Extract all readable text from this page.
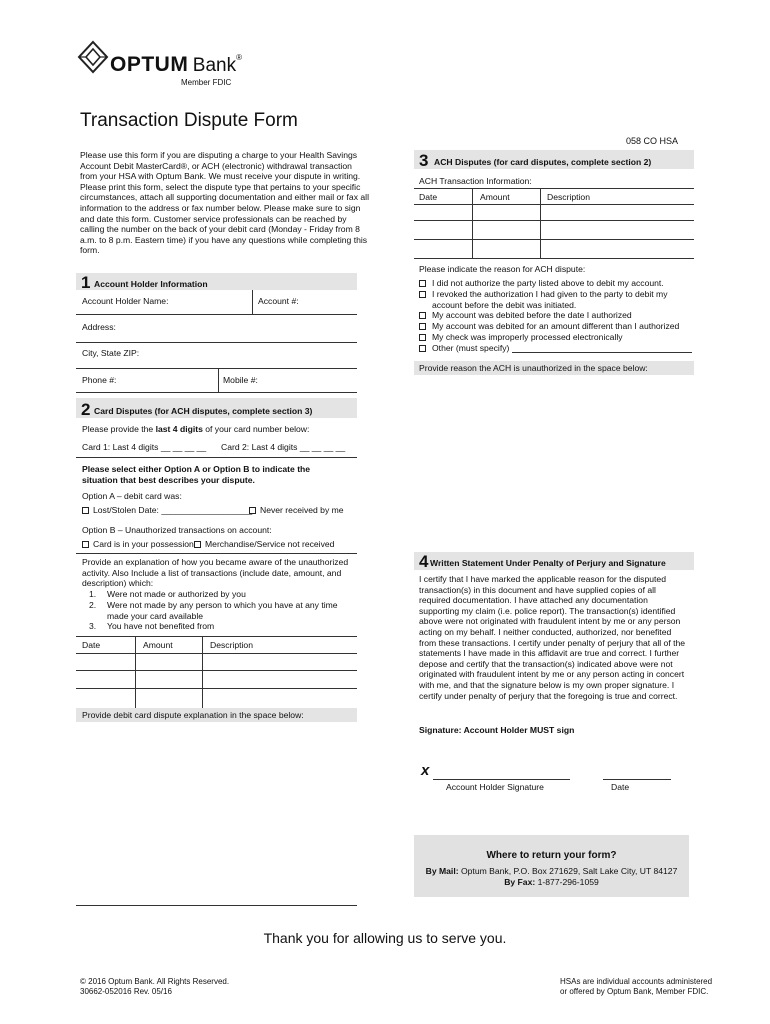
OPTUM Bank®
Member FDIC
Transaction Dispute Form
058 CO HSA
Please use this form if you are disputing a charge to your Health Savings Account Debit MasterCard®, or ACH (electronic) withdrawal transaction from your HSA with Optum Bank. We must receive your dispute in writing. Please print this form, select the dispute type that pertains to your specific circumstances, attach all supporting documentation and either mail or fax all information to the address or fax number below. Please make sure to sign and date this form. Customer service professionals can be reached by calling the number on the back of your debit card (Monday - Friday from 8 a.m. to 8 p.m. Eastern time) if you have any questions while completing this form.
1 Account Holder Information
Account Holder Name:	Account #:
Address:
City, State ZIP:
Phone #:	Mobile #:
2 Card Disputes (for ACH disputes, complete section 3)
Please provide the last 4 digits of your card number below:
Card 1: Last 4 digits __ __ __ __ Card 2: Last 4 digits __ __ __ __
Please select either Option A or Option B to indicate the situation that best describes your dispute.
Option A – debit card was:
Lost/Stolen Date: ___________________ Never received by me
Option B – Unauthorized transactions on account:
Card is in your possession	Merchandise/Service not received
Provide an explanation of how you became aware of the unauthorized activity. Also Include a list of transactions (include date, amount, and description) which:
1.	Were not made or authorized by you
2.	Were not made by any person to which you have at any time made your card available
3.	You have not benefited from
Date	Amount	Description
Provide debit card dispute explanation in the space below:
3 ACH Disputes (for card disputes, complete section 2)
ACH Transaction Information:
Date	Amount	Description
Please indicate the reason for ACH dispute:
I did not authorize the party listed above to debit my account.
I revoked the authorization I had given to the party to debit my account before the debit was initiated.
My account was debited before the date I authorized
My account was debited for an amount different than I authorized
My check was improperly processed electronically
Other (must specify)
Provide reason the ACH is unauthorized in the space below:
4 Written Statement Under Penalty of Perjury and Signature
I certify that I have marked the applicable reason for the disputed transaction(s) in this document and have supplied copies of all required documentation. I have attached any documentation supporting my claim (i.e. police report). The transaction(s) identified above were not originated with fraudulent intent by me or any person acting on my behalf. I neither conducted, authorized, nor benefited from these transactions. I certify under penalty of perjury that all of the statements I have made in this affidavit are true and correct. I further depose and certify that the transaction(s) indicated above were not originated with fraudulent intent by me or any person acting in concert with me, and that the signature below is my own proper signature. I certify under penalty of perjury that the foregoing is true and correct.
Signature: Account Holder MUST sign
x
Account Holder Signature	Date
Where to return your form?
By Mail: Optum Bank, P.O. Box 271629, Salt Lake City, UT 84127
By Fax: 1-877-296-1059
Thank you for allowing us to serve you.
© 2016 Optum Bank. All Rights Reserved.
30662-052016 Rev. 05/16
HSAs are individual accounts administered
or offered by Optum Bank, Member FDIC.
